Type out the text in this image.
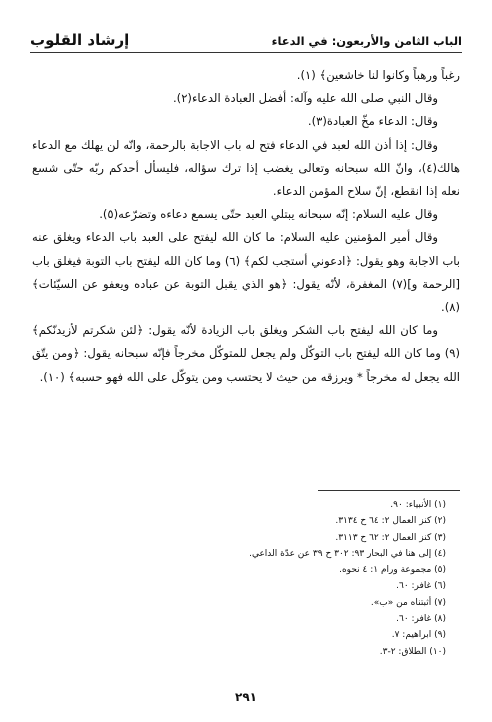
الباب الثامن والأربعون: في الدعاء
إرشاد القلوب

رغباً ورهباً وكانوا لنا خاشعين﴾ (١).

وقال النبي صلى الله عليه وآله: أفضل العبادة الدعاء(٢).

وقال: الدعاء مخّ العبادة(٣).

وقال: إذا أذن الله لعبد في الدعاء فتح له باب الاجابة بالرحمة، وانّه لن يهلك مع الدعاء هالك(٤)، وانّ الله سبحانه وتعالى يغضب إذا ترك سؤاله، فليسأل أحدكم ربّه حتّى شسع نعله إذا انقطع، إنّ سلاح المؤمن الدعاء.

وقال عليه السلام: إنّه سبحانه يبتلي العبد حتّى يسمع دعاءه وتضرّعه(٥).

وقال أمير المؤمنين عليه السلام: ما كان الله ليفتح على العبد باب الدعاء ويغلق عنه باب الاجابة وهو يقول: ﴿ادعوني أستجب لكم﴾ (٦) وما كان الله ليفتح باب التوبة فيغلق باب [الرحمة و](٧) المغفرة، لأنّه يقول: ﴿هو الذي يقبل التوبة عن عباده ويعفو عن السيّئات﴾ (٨).

وما كان الله ليفتح باب الشكر ويغلق باب الزيادة لأنّه يقول: ﴿لئن شكرتم لأزيدنّكم﴾ (٩) وما كان الله ليفتح باب التوكّل ولم يجعل للمتوكّل مخرجاً فإنّه سبحانه يقول: ﴿ومن يتّق الله يجعل له مخرجاً * ويرزقه من حيث لا يحتسب ومن يتوكّل على الله فهو حسبه﴾ (١٠).

(١) الأنبياء: ٩٠.
(٢) كنز العمال ٢: ٦٤ ح ٣١٣٤.
(٣) كنز العمال ٢: ٦٢ ح ٣١١٣.
(٤) إلى هنا في البحار ٩٣: ٣٠٢ ح ٣٩ عن عدّة الداعي.
(٥) مجموعة ورام ١: ٤ نحوه.
(٦) غافر: ٦٠.
(٧) أثبتناه من «ب».
(٨) غافر: ٦٠.
(٩) ابراهيم: ٧.
(١٠) الطلاق: ٢-٣.
٢٩١
